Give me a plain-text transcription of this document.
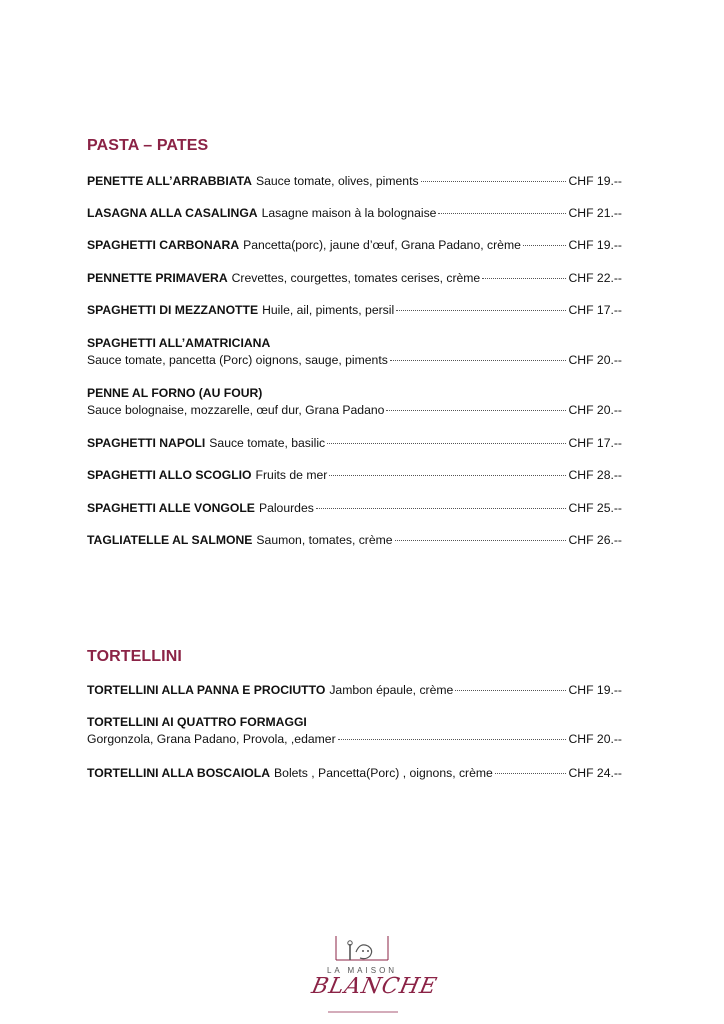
PASTA – PATES
PENETTE ALL’ARRABBIATA Sauce tomate, olives, piments	CHF 19.--
LASAGNA ALLA CASALINGA Lasagne maison à la bolognaise	CHF 21.--
SPAGHETTI CARBONARA Pancetta(porc), jaune d’œuf, Grana Padano, crème	CHF 19.--
PENNETTE PRIMAVERA Crevettes, courgettes, tomates cerises, crème	CHF 22.--
SPAGHETTI DI MEZZANOTTE Huile, ail, piments, persil	CHF 17.--
SPAGHETTI ALL’AMATRICIANA
Sauce tomate, pancetta (Porc) oignons, sauge, piments	CHF 20.--
PENNE AL FORNO (AU FOUR)
Sauce bolognaise, mozzarelle, œuf dur, Grana Padano	CHF 20.--
SPAGHETTI NAPOLI Sauce tomate, basilic	CHF 17.--
SPAGHETTI ALLO SCOGLIO Fruits de mer	CHF 28.--
SPAGHETTI ALLE VONGOLE Palourdes	CHF 25.--
TAGLIATELLE AL SALMONE Saumon, tomates, crème	CHF 26.--
TORTELLINI
TORTELLINI ALLA PANNA E PROCIUTTO Jambon épaule, crème	CHF 19.--
TORTELLINI AI QUATTRO FORMAGGI
Gorgonzola, Grana Padano, Provola, ,edamer	CHF 20.--
TORTELLINI ALLA BOSCAIOLA Bolets , Pancetta(Porc) , oignons, crème	CHF 24.--
LA MAISON
BLANCHE
